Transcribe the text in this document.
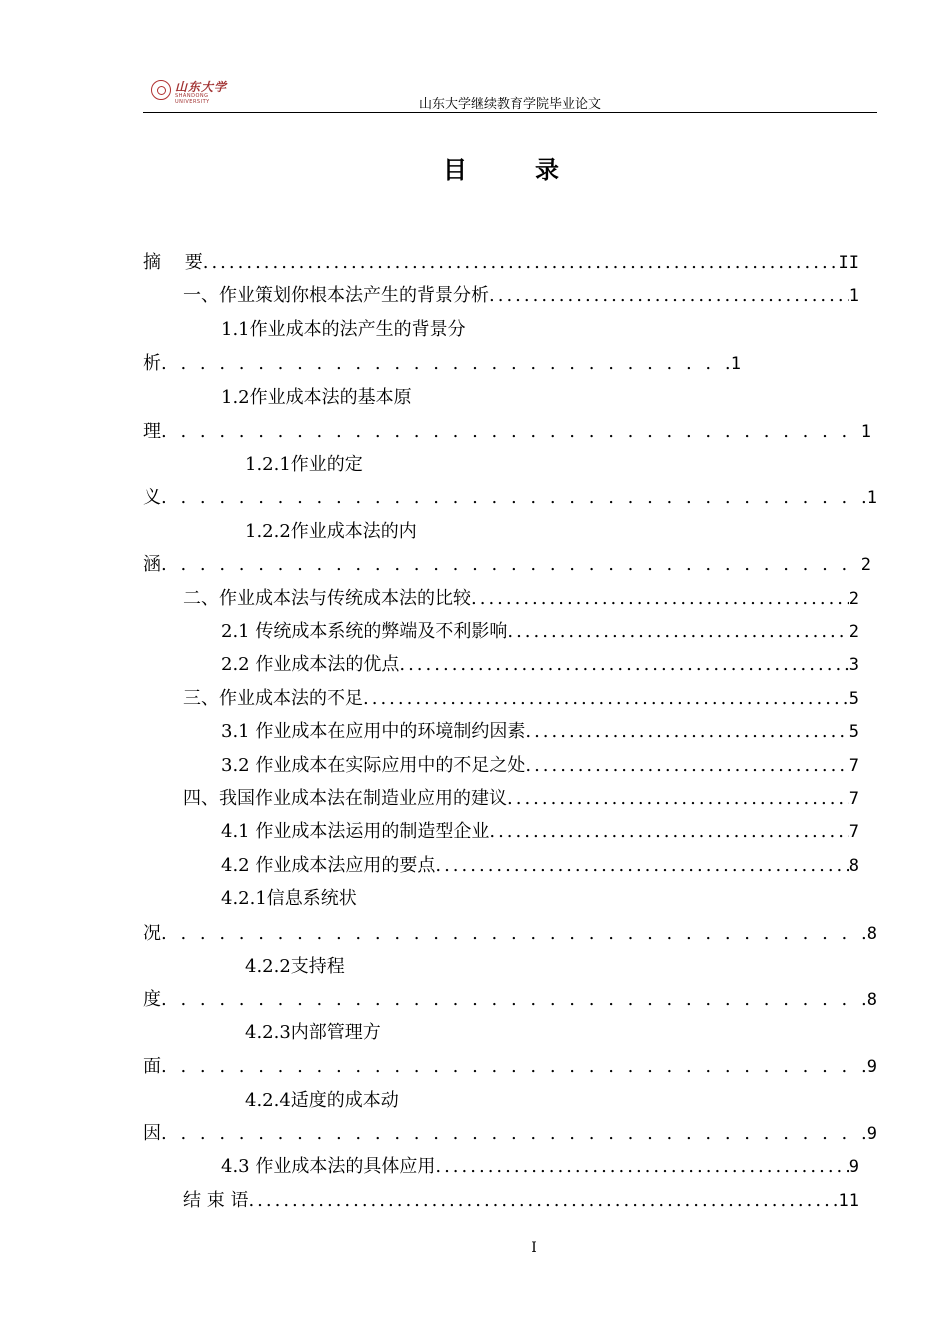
山东大学
SHANDONG UNIVERSITY	山东大学继续教育学院毕业论文
目　录
摘　 要 .....	II
一、作业策划你根本法产生的背景分析 .....	1
1.1作业成本的法产生的背景分
析 . . .	1
1.2作业成本法的基本原
理 . . .	1
1.2.1作业的定
义 . . .	1
1.2.2作业成本法的内
涵 . . .	2
二、作业成本法与传统成本法的比较 .....	2
2.1 传统成本系统的弊端及不利影响 .....	2
2.2 作业成本法的优点 .....	3
三、作业成本法的不足 .....	5
3.1 作业成本在应用中的环境制约因素 .....	5
3.2 作业成本在实际应用中的不足之处 .....	7
四、我国作业成本法在制造业应用的建议 .....	7
4.1 作业成本法运用的制造型企业 .....	7
4.2 作业成本法应用的要点 .....	8
4.2.1信息系统状
况 . . .	8
4.2.2支持程
度 . . .	8
4.2.3内部管理方
面 . . .	9
4.2.4适度的成本动
因 . . .	9
4.3 作业成本法的具体应用 .....	9
结 束 语 .....	11
I
